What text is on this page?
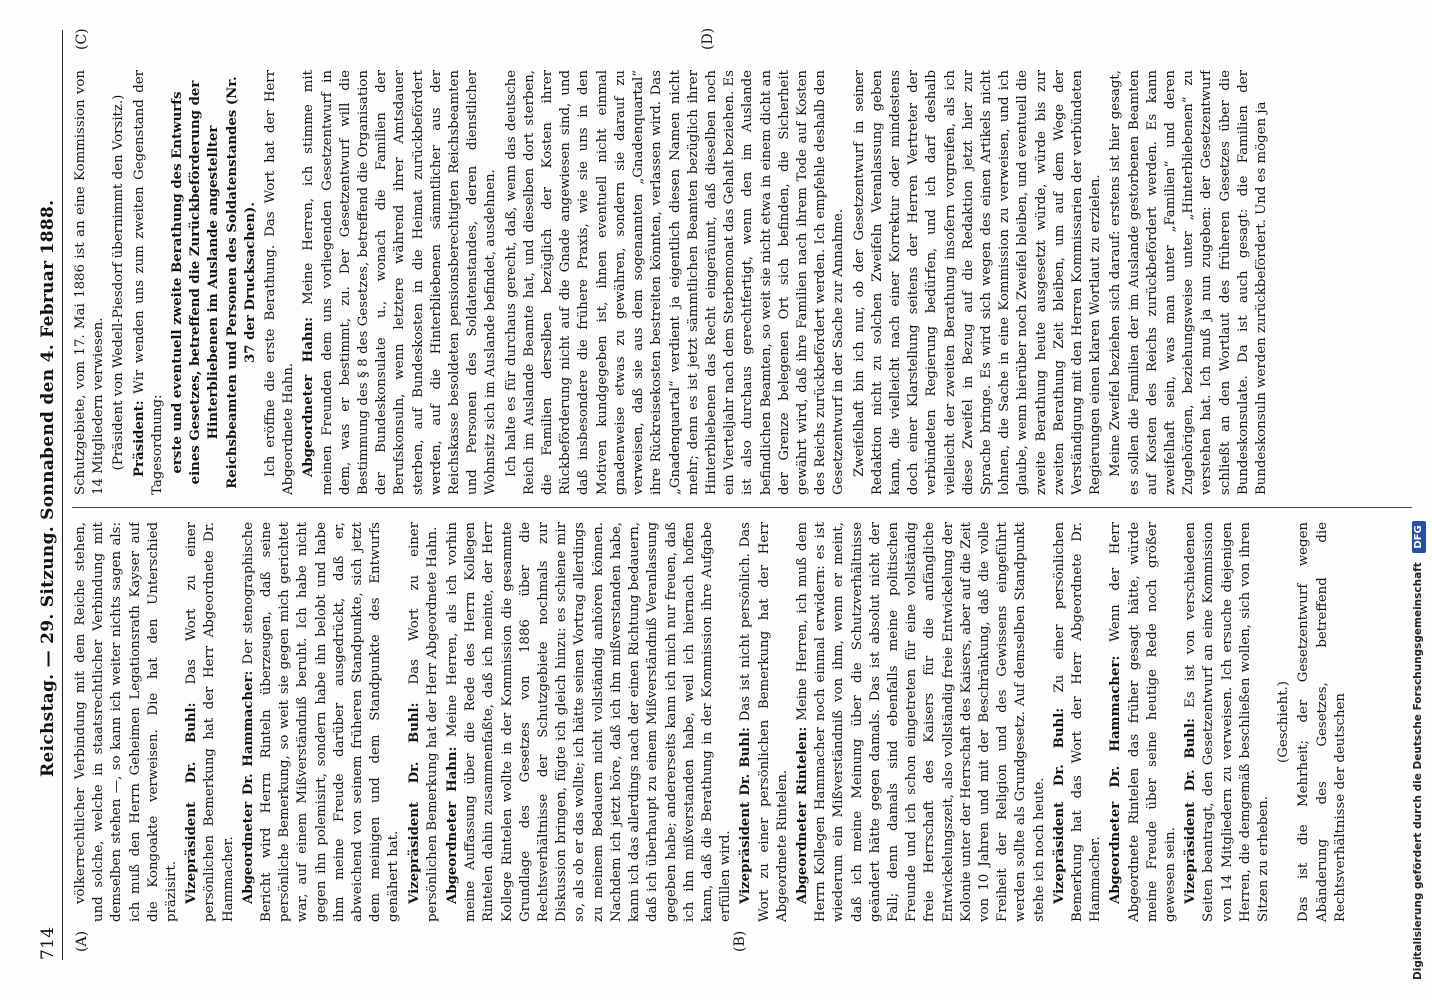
714
Reichstag. — 29. Sitzung. Sonnabend den 4. Februar 1888.
(A)	(B)
(C)	(D)

völkerrechtlicher Verbindung mit dem Reiche stehen, und solche, welche in staatsrechtlicher Verbindung mit demselben stehen —, so kann ich weiter nichts sagen als: ich muß den Herrn Geheimen Legationsrath Kayser auf die Kongoakte verweisen. Die hat den Unterschied präzisirt. Vizepräsident Dr. Buhl: Das Wort zu einer persönlichen Bemerkung hat der Herr Abgeordnete Dr. Hammacher. Abgeordneter Dr. Hammacher: Der stenographische Bericht wird Herrn Rinteln überzeugen, daß seine persönliche Bemerkung, so weit sie gegen mich gerichtet war, auf einem Mißverständniß beruht. Ich habe nicht gegen ihn polemisirt, sondern habe ihn belobt und habe ihm meine Freude darüber ausgedrückt, daß er, abweichend von seinem früheren Standpunkte, sich jetzt dem meinigen und dem Standpunkte des Entwurfs genähert hat. Vizepräsident Dr. Buhl: Das Wort zu einer persönlichen Bemerkung hat der Herr Abgeordnete Hahn. Abgeordneter Hahn: Meine Herren, als ich vorhin meine Auffassung über die Rede des Herrn Kollegen Rintelen dahin zusammenfaßte, daß ich meinte, der Herr Kollege Rintelen wollte in der Kommission die gesammte Grundlage des Gesetzes von 1886 über die Rechtsverhältnisse der Schutzgebiete nochmals zur Diskussion bringen, fügte ich gleich hinzu: es schiene mir so, als ob er das wollte; ich hätte seinen Vortrag allerdings zu meinem Bedauern nicht vollständig anhören können. Nachdem ich jetzt höre, daß ich ihn mißverstanden habe, kann ich das allerdings nach der einen Richtung bedauern, daß ich überhaupt zu einem Mißverständniß Veranlassung gegeben habe; andererseits kann ich mich nur freuen, daß ich ihn mißverstanden habe, weil ich hiernach hoffen kann, daß die Berathung in der Kommission ihre Aufgabe erfüllen wird. Vizepräsident Dr. Buhl: Das ist nicht persönlich. Das Wort zu einer persönlichen Bemerkung hat der Herr Abgeordnete Rintelen. Abgeordneter Rintelen: Meine Herren, ich muß dem Herrn Kollegen Hammacher noch einmal erwidern: es ist wiederum ein Mißverständniß von ihm, wenn er meint, daß ich meine Meinung über die Schutzverhältnisse geändert hätte gegen damals. Das ist absolut nicht der Fall; denn damals sind ebenfalls meine politischen Freunde und ich schon eingetreten für eine vollständig freie Herrschaft des Kaisers für die anfängliche Entwickelungszeit, also vollständig freie Entwickelung der Kolonie unter der Herrschaft des Kaisers, aber auf die Zeit von 10 Jahren und mit der Beschränkung, daß die volle Freiheit der Religion und des Gewissens eingeführt werden sollte als Grundgesetz. Auf demselben Standpunkt stehe ich noch heute. Vizepräsident Dr. Buhl: Zu einer persönlichen Bemerkung hat das Wort der Herr Abgeordnete Dr. Hammacher. Abgeordneter Dr. Hammacher: Wenn der Herr Abgeordnete Rintelen das früher gesagt hätte, würde meine Freude über seine heutige Rede noch größer gewesen sein. Vizepräsident Dr. Buhl: Es ist von verschiedenen Seiten beantragt, den Gesetzentwurf an eine Kommission von 14 Mitgliedern zu verweisen. Ich ersuche diejenigen Herren, die demgemäß beschließen wollen, sich von ihren Sitzen zu erheben.

(Geschieht.) Das ist die Mehrheit; der Gesetzentwurf wegen Abänderung des Gesetzes, betreffend die Rechtsverhältnisse der deutschen

Schutzgebiete, vom 17. Mai 1886 ist an eine Kommission von 14 Mitgliedern verwiesen. (Präsident von Wedell-Piesdorf übernimmt den Vorsitz.) Präsident: Wir wenden uns zum zweiten Gegenstand der Tagesordnung: erste und eventuell zweite Berathung des Entwurfs eines Gesetzes, betreffend die Zurückbeförderung der Hinterbliebenen im Auslande angestellter Reichsbeamten und Personen des Soldatenstandes (Nr. 37 der Drucksachen). Ich eröffne die erste Berathung. Das Wort hat der Herr Abgeordnete Hahn. Abgeordneter Hahn: Meine Herren, ich stimme mit meinen Freunden dem uns vorliegenden Gesetzentwurf in dem, was er bestimmt, zu. Der Gesetzentwurf will die Bestimmung des § 8 des Gesetzes, betreffend die Organisation der Bundeskonsulate u., wonach die Familien der Berufskonsuln, wenn letztere während ihrer Amtsdauer sterben, auf Bundeskosten in die Heimat zurückbefördert werden, auf die Hinterbliebenen sämmtlicher aus der Reichskasse besoldeten pensionsberechtigten Reichsbeamten und Personen des Soldatenstandes, deren dienstlicher Wohnsitz sich im Auslande befindet, ausdehnen. Ich halte es für durchaus gerecht, daß, wenn das deutsche Reich im Auslande Beamte hat, und dieselben dort sterben, die Familien derselben bezüglich der Kosten ihrer Rückbeförderung nicht auf die Gnade angewiesen sind, und daß insbesondere die frühere Praxis, wie sie uns in den Motiven kundgegeben ist, ihnen eventuell nicht einmal gnadenweise etwas zu gewähren, sondern sie darauf zu verweisen, daß sie aus dem sogenannten „Gnadenquartal“ ihre Rückreisekosten bestreiten könnten, verlassen wird. Das „Gnadenquartal“ verdient ja eigentlich diesen Namen nicht mehr; denn es ist jetzt sämmtlichen Beamten bezüglich ihrer Hinterbliebenen das Recht eingeräumt, daß dieselben noch ein Vierteljahr nach dem Sterbemonat das Gehalt beziehen. Es ist also durchaus gerechtfertigt, wenn den im Auslande befindlichen Beamten, so weit sie nicht etwa in einem dicht an der Grenze belegenen Ort sich befinden, die Sicherheit gewährt wird, daß ihre Familien nach ihrem Tode auf Kosten des Reichs zurückbefördert werden. Ich empfehle deshalb den Gesetzentwurf in der Sache zur Annahme. Zweifelhaft bin ich nur, ob der Gesetzentwurf in seiner Redaktion nicht zu solchen Zweifeln Veranlassung geben kann, die vielleicht nach einer Korrektur oder mindestens doch einer Klarstellung seitens der Herren Vertreter der verbündeten Regierung bedürfen, und ich darf deshalb vielleicht der zweiten Berathung insofern vorgreifen, als ich diese Zweifel in Bezug auf die Redaktion jetzt hier zur Sprache bringe. Es wird sich wegen des einen Artikels nicht lohnen, die Sache in eine Kommission zu verweisen, und ich glaube, wenn hierüber noch Zweifel bleiben, und eventuell die zweite Berathung heute ausgesetzt würde, würde bis zur zweiten Berathung Zeit bleiben, um auf dem Wege der Verständigung mit den Herren Kommissarien der verbündeten Regierungen einen klaren Wortlaut zu erzielen. Meine Zweifel beziehen sich darauf: erstens ist hier gesagt, es sollen die Familien der im Auslande gestorbenen Beamten auf Kosten des Reichs zurückbefördert werden. Es kann zweifelhaft sein, was man unter „Familien“ und deren Zugehörigen, beziehungsweise unter „Hinterbliebenen“ zu verstehen hat. Ich muß ja nun zugeben: der Gesetzentwurf schließt an den Wortlaut des früheren Gesetzes über die Bundeskonsulate. Da ist auch gesagt: die Familien der Bundeskonsuln werden zurückbefördert. Und es mögen ja

Digitalisierung gefördert durch die Deutsche Forschungsgemeinschaft DFG
